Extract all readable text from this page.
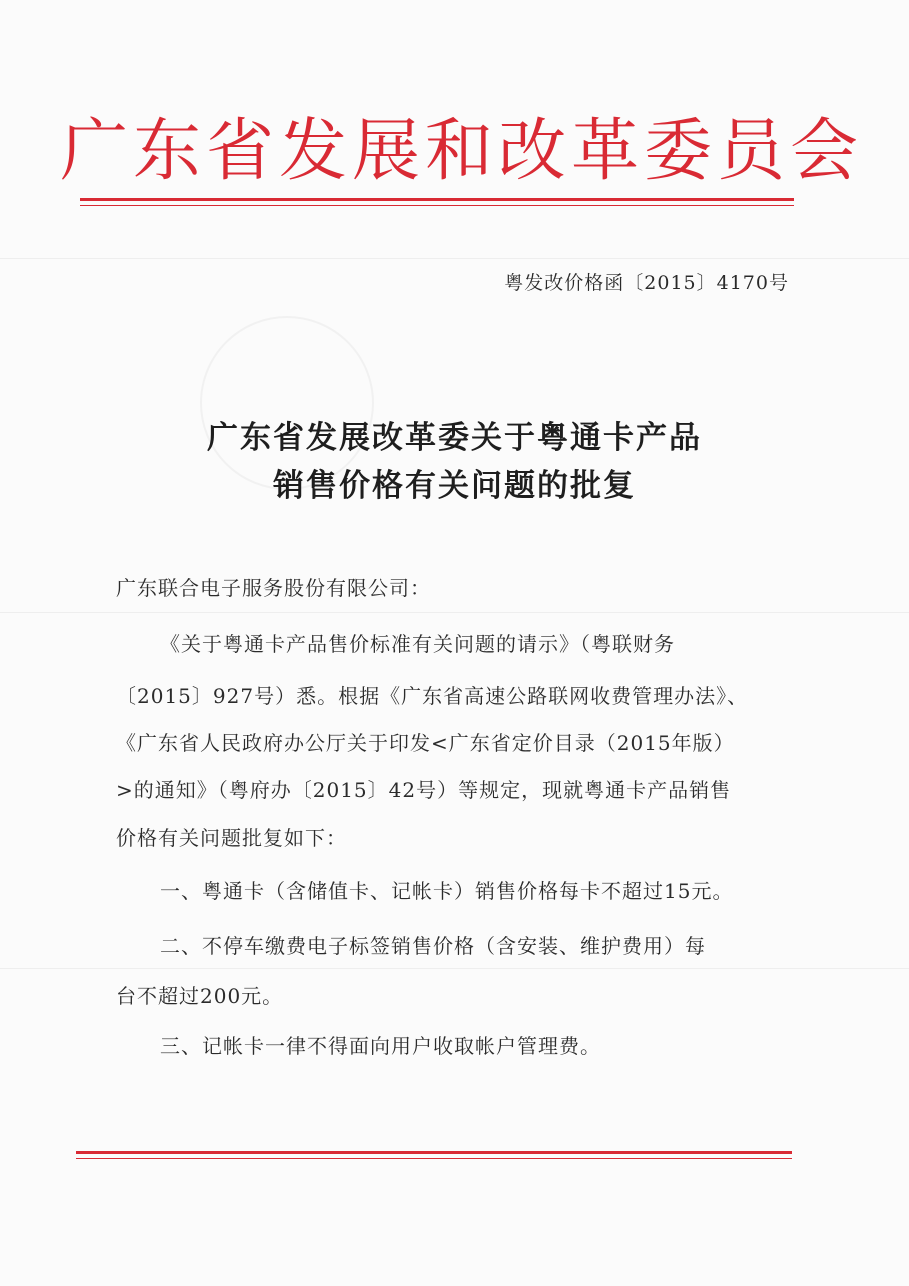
广东省发展和改革委员会
粤发改价格函〔2015〕4170号
广东省发展改革委关于粤通卡产品
销售价格有关问题的批复
广东联合电子服务股份有限公司：
《关于粤通卡产品售价标准有关问题的请示》（粤联财务
〔2015〕927号）悉。根据《广东省高速公路联网收费管理办法》、
《广东省人民政府办公厅关于印发<广东省定价目录（2015年版）
>的通知》（粤府办〔2015〕42号）等规定，现就粤通卡产品销售
价格有关问题批复如下：
一、粤通卡（含储值卡、记帐卡）销售价格每卡不超过15元。
二、不停车缴费电子标签销售价格（含安装、维护费用）每
台不超过200元。
三、记帐卡一律不得面向用户收取帐户管理费。
